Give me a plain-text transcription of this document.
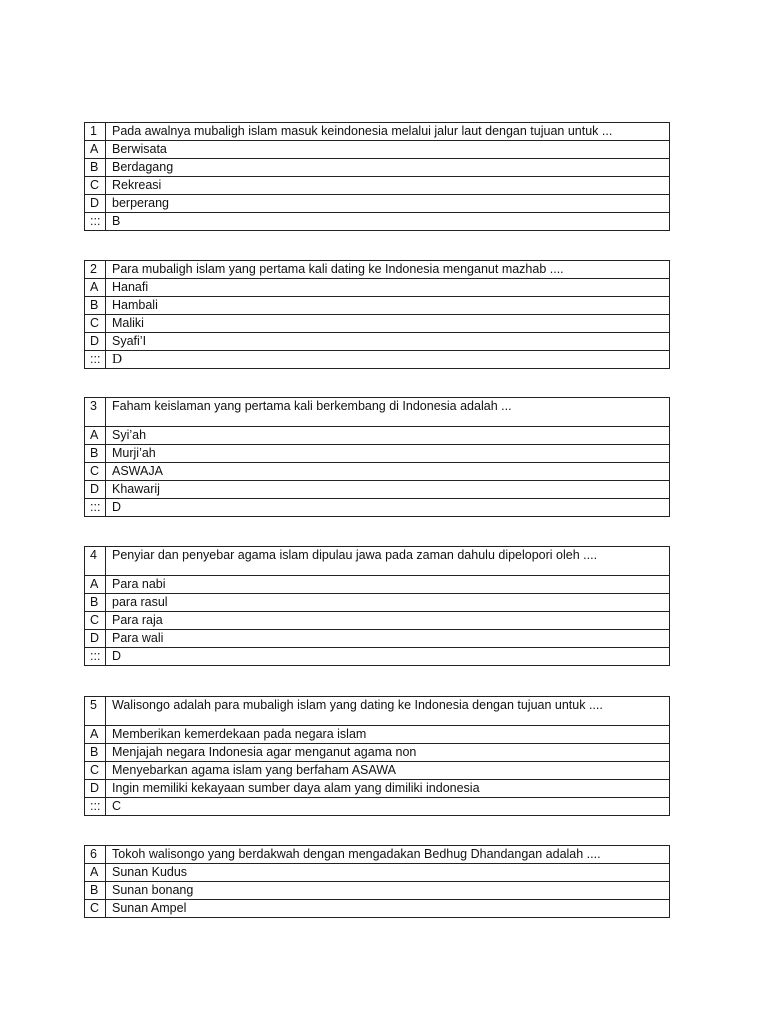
1	Pada awalnya mubaligh islam masuk keindonesia melalui jalur laut dengan tujuan untuk ...
A	Berwisata
B	Berdagang
C	Rekreasi
D	berperang
:::	B
2	Para mubaligh islam yang pertama kali dating ke Indonesia menganut mazhab ....
A	Hanafi
B	Hambali
C	Maliki
D	Syafi’I
:::	D
3	Faham keislaman yang pertama kali berkembang di Indonesia adalah ...
A	Syi’ah
B	Murji’ah
C	ASWAJA
D	Khawarij
:::	D
4	Penyiar dan penyebar agama islam dipulau jawa pada zaman dahulu dipelopori oleh ....
A	Para nabi
B	para rasul
C	Para raja
D	Para wali
:::	D
5	Walisongo adalah para mubaligh islam yang dating ke Indonesia dengan tujuan untuk ....
A	Memberikan kemerdekaan pada negara islam
B	Menjajah negara Indonesia agar menganut agama non
C	Menyebarkan agama islam yang berfaham ASAWA
D	Ingin memiliki kekayaan sumber daya alam yang dimiliki indonesia
:::	C
6	Tokoh walisongo yang berdakwah dengan mengadakan Bedhug Dhandangan adalah ....
A	Sunan Kudus
B	Sunan bonang
C	Sunan Ampel
